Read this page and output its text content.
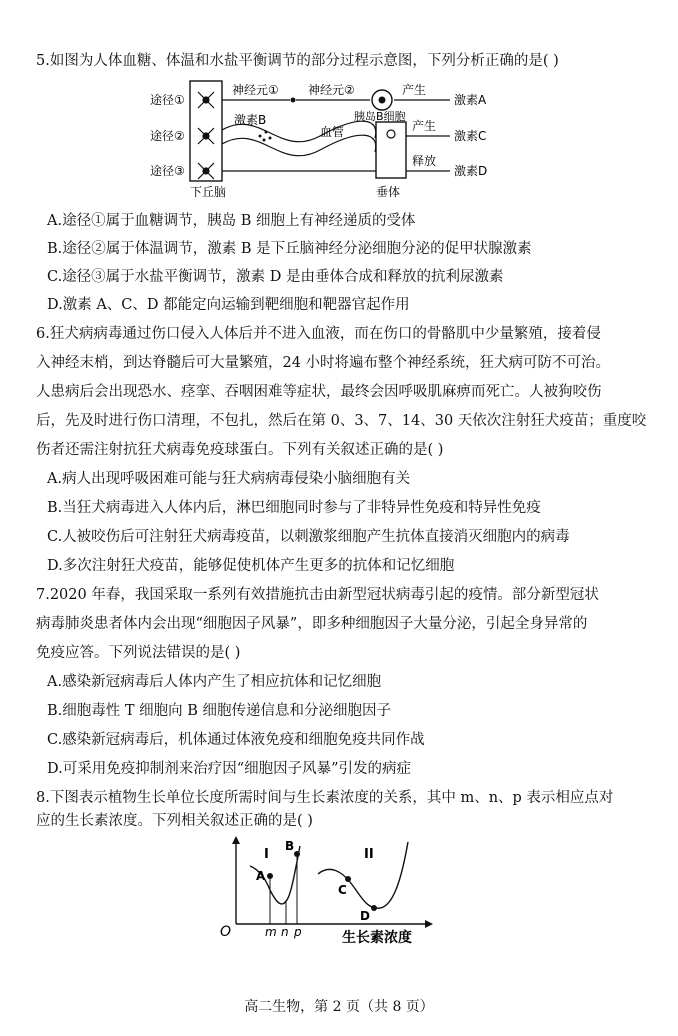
5.如图为人体血糖、体温和水盐平衡调节的部分过程示意图，下列分析正确的是( )
途径①
途径②
途径③
下丘脑
神经元① 神经元②
胰岛B细胞
产生
激素A
激素B
血管	产生
激素C
释放
激素D
垂体
A.途径①属于血糖调节，胰岛 B 细胞上有神经递质的受体
B.途径②属于体温调节，激素 B 是下丘脑神经分泌细胞分泌的促甲状腺激素
C.途径③属于水盐平衡调节，激素 D 是由垂体合成和释放的抗利尿激素
D.激素 A、C、D 都能定向运输到靶细胞和靶器官起作用
6.狂犬病病毒通过伤口侵入人体后并不进入血液，而在伤口的骨骼肌中少量繁殖，接着侵
入神经末梢，到达脊髓后可大量繁殖，24 小时将遍布整个神经系统，狂犬病可防不可治。
人患病后会出现恐水、痉挛、吞咽困难等症状，最终会因呼吸肌麻痹而死亡。人被狗咬伤
后，先及时进行伤口清理，不包扎，然后在第 0、3、7、14、30 天依次注射狂犬疫苗；重度咬
伤者还需注射抗狂犬病毒免疫球蛋白。下列有关叙述正确的是( )
A.病人出现呼吸困难可能与狂犬病病毒侵染小脑细胞有关
B.当狂犬病毒进入人体内后，淋巴细胞同时参与了非特异性免疫和特异性免疫
C.人被咬伤后可注射狂犬病毒疫苗，以刺激浆细胞产生抗体直接消灭细胞内的病毒
D.多次注射狂犬疫苗，能够促使机体产生更多的抗体和记忆细胞
7.2020 年春，我国采取一系列有效措施抗击由新型冠状病毒引起的疫情。部分新型冠状
病毒肺炎患者体内会出现“细胞因子风暴”，即多种细胞因子大量分泌，引起全身异常的
免疫应答。下列说法错误的是( )
A.感染新冠病毒后人体内产生了相应抗体和记忆细胞
B.细胞毒性 T 细胞向 B 细胞传递信息和分泌细胞因子
C.感染新冠病毒后，机体通过体液免疫和细胞免疫共同作战
D.可采用免疫抑制剂来治疗因“细胞因子风暴”引发的病症
8.下图表示植物生长单位长度所需时间与生长素浓度的关系，其中 m、n、p 表示相应点对
应的生长素浓度。下列相关叙述正确的是( )
O	生长素浓度
I
A
B
m n p
II
C
D
高二生物，第 2 页（共 8 页）
